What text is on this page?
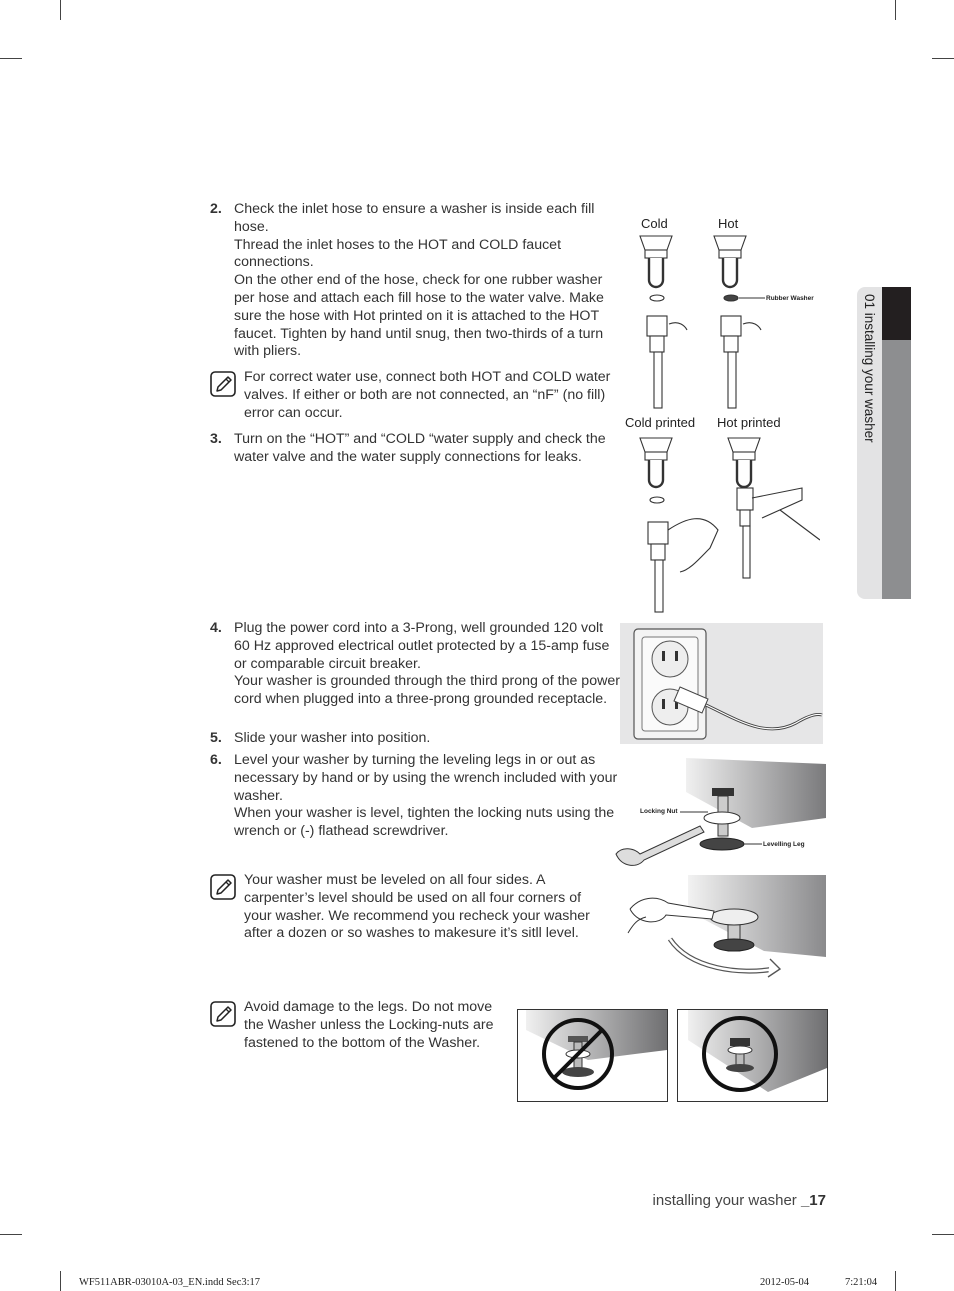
01 installing your washer
2. Check the inlet hose to ensure a washer is inside each fill hose.

Thread the inlet hoses to the HOT and COLD faucet connections.

On the other end of the hose, check for one rubber washer per hose and attach each fill hose to the water valve. Make sure the hose with Hot printed on it is attached to the HOT faucet. Tighten by hand until snug, then two-thirds of a turn with pliers.

For correct water use, connect both HOT and COLD water valves. If either or both are not connected, an “nF” (no fill) error can occur.
3. Turn on the “HOT” and “COLD “water supply and check the water valve and the water supply connections for leaks.

Cold	Hot
Rubber Washer
Cold printed Hot printed
4. Plug the power cord into a 3-Prong, well grounded 120 volt 60 Hz approved electrical outlet protected by a 15-amp fuse or comparable circuit breaker.

Your washer is grounded through the third prong of the power cord when plugged into a three-prong grounded receptacle.

5. Slide your washer into position.

6. Level your washer by turning the leveling legs in or out as necessary by hand or by using the wrench included with your washer.

When your washer is level, tighten the locking nuts using the wrench or (-) flathead screwdriver.

Locking Nut
Levelling Leg
Your washer must be leveled on all four sides. A carpenter’s level should be used on all four corners of your washer. We recommend you recheck your washer after a dozen or so washes to makesure it’s sitll level.
Avoid damage to the legs. Do not move the Washer unless the Locking-nuts are fastened to the bottom of the Washer.
installing your washer _17
WF511ABR-03010A-03_EN.indd Sec3:17	2012-05-04	7:21:04
